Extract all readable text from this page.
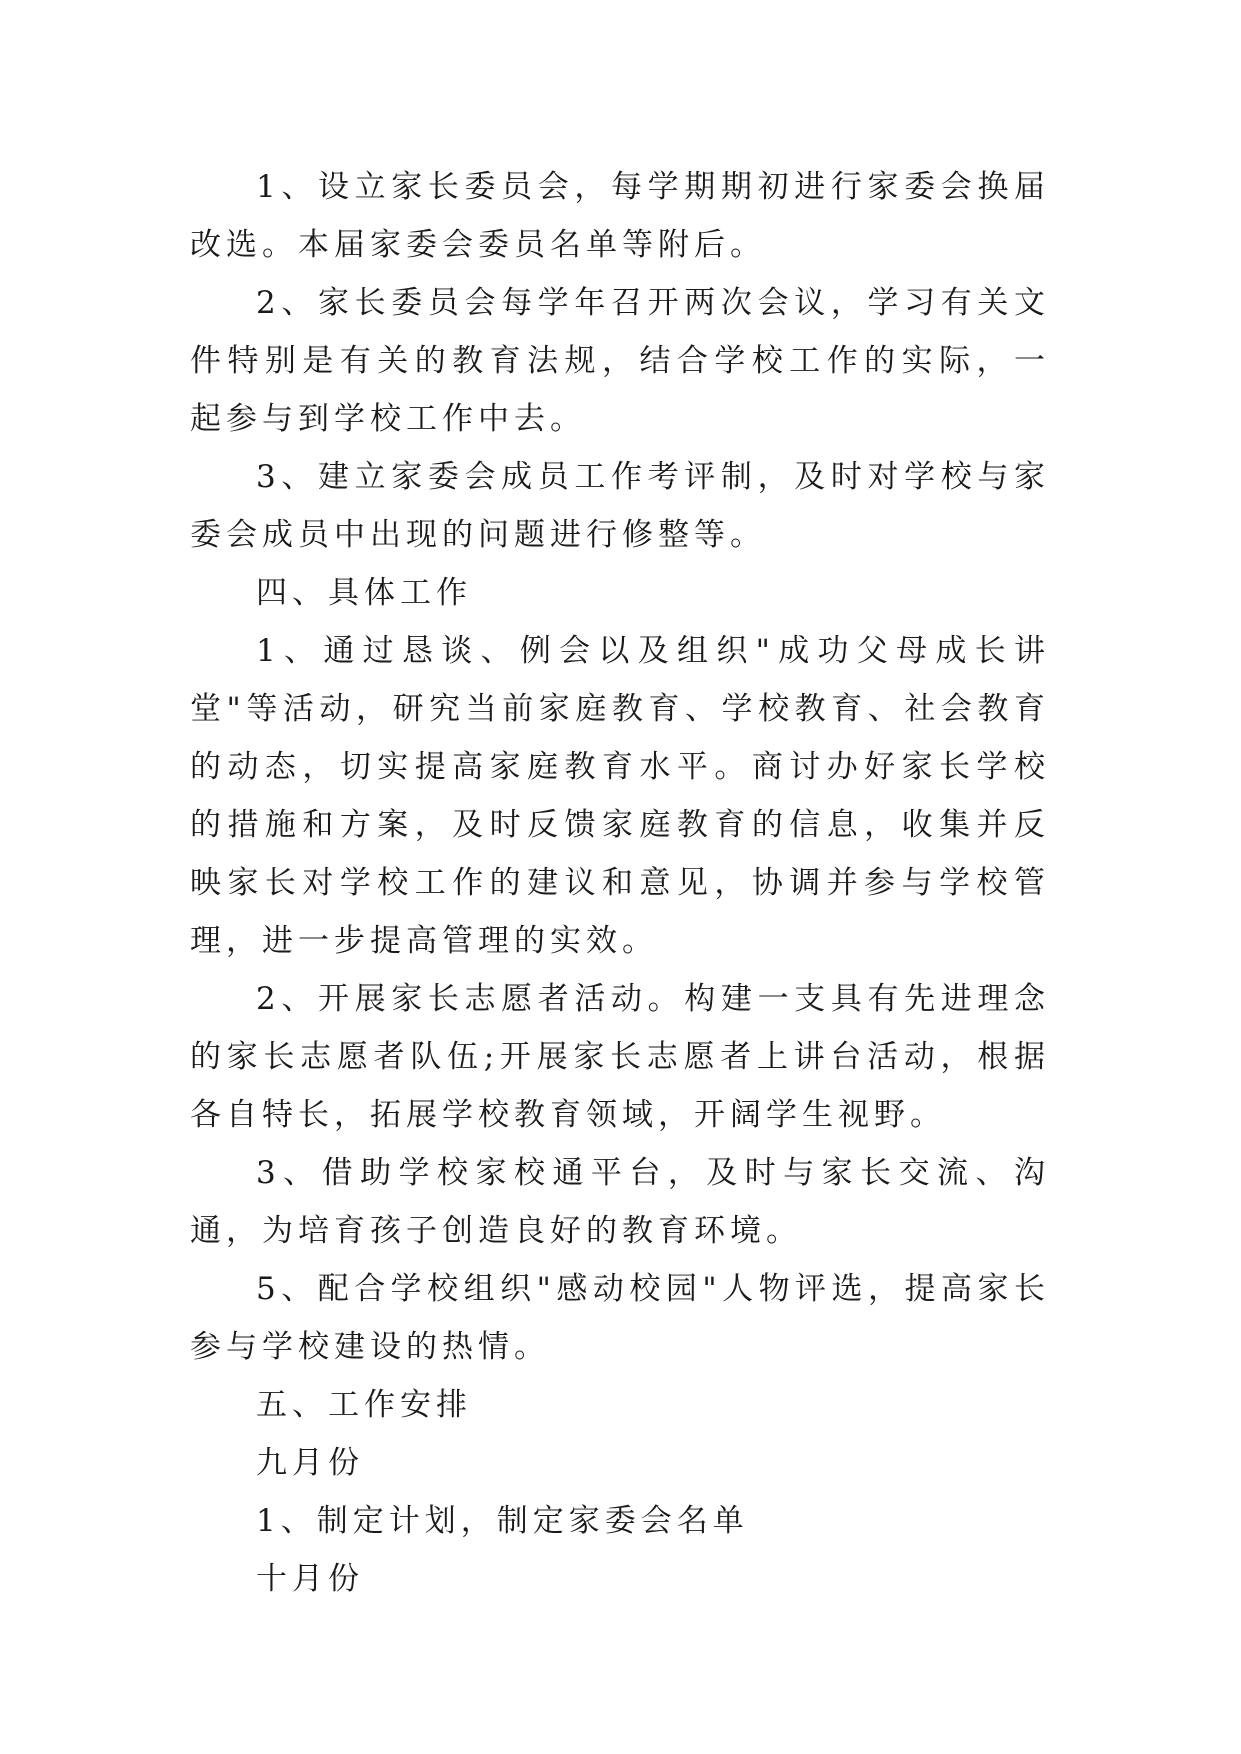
1、设立家长委员会，每学期期初进行家委会换届改选。本届家委会委员名单等附后。

2、家长委员会每学年召开两次会议，学习有关文件特别是有关的教育法规，结合学校工作的实际，一起参与到学校工作中去。

3、建立家委会成员工作考评制，及时对学校与家委会成员中出现的问题进行修整等。

四、具体工作

1、通过恳谈、例会以及组织"成功父母成长讲堂"等活动，研究当前家庭教育、学校教育、社会教育的动态，切实提高家庭教育水平。商讨办好家长学校的措施和方案，及时反馈家庭教育的信息，收集并反映家长对学校工作的建议和意见，协调并参与学校管理，进一步提高管理的实效。

2、开展家长志愿者活动。构建一支具有先进理念的家长志愿者队伍;开展家长志愿者上讲台活动，根据各自特长，拓展学校教育领域，开阔学生视野。

3、借助学校家校通平台，及时与家长交流、沟通，为培育孩子创造良好的教育环境。

5、配合学校组织"感动校园"人物评选，提高家长参与学校建设的热情。

五、工作安排

九月份

1、制定计划，制定家委会名单

十月份
